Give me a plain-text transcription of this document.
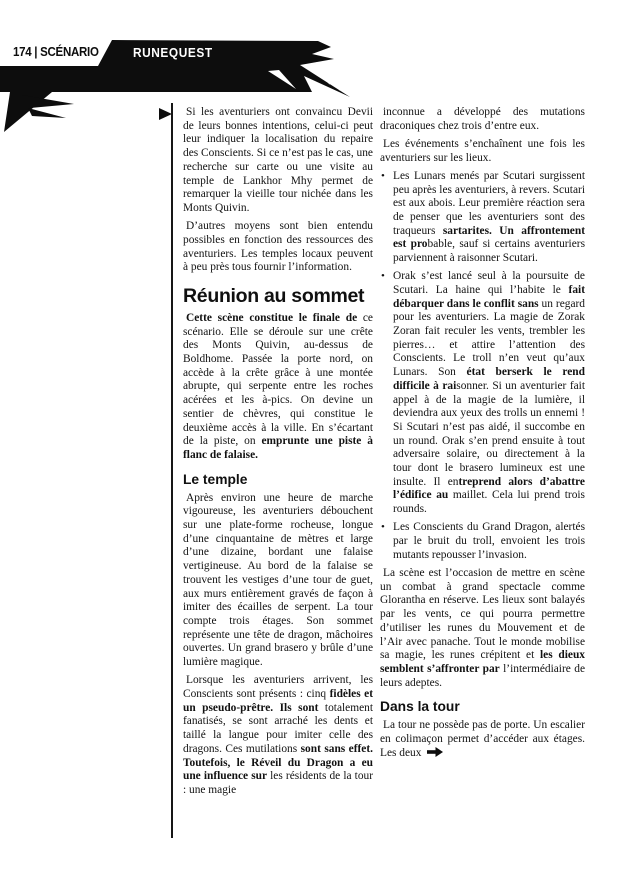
174 | SCÉNARIO	RUNEQUEST

Si les aventuriers ont convaincu Devii de leurs bonnes intentions, celui-ci peut leur indiquer la localisation du repaire des Conscients. Si ce n’est pas le cas, une recherche sur carte ou une visite au temple de Lankhor Mhy permet de remarquer la vieille tour nichée dans les Monts Quivin.

D’autres moyens sont bien entendu possibles en fonction des ressources des aventuriers. Les temples locaux peuvent à peu près tous fournir l’information.

Réunion au sommet

Cette scène constitue le finale de ce scénario. Elle se déroule sur une crête des Monts Quivin, au-dessus de Boldhome. Passée la porte nord, on accède à la crête grâce à une montée abrupte, qui serpente entre les roches acérées et les à-pics. On devine un sentier de chèvres, qui constitue le deuxième accès à la ville. En s’écartant de la piste, on emprunte une piste à flanc de falaise.

Le temple

Après environ une heure de marche vigoureuse, les aventuriers débouchent sur une plate-forme rocheuse, longue d’une cinquantaine de mètres et large d’une dizaine, bordant une falaise vertigineuse. Au bord de la falaise se trouvent les vestiges d’une tour de guet, aux murs entièrement gravés de façon à imiter des écailles de serpent. La tour compte trois étages. Son sommet représente une tête de dragon, mâchoires ouvertes. Un grand brasero y brûle d’une lumière magique.

Lorsque les aventuriers arrivent, les Conscients sont présents : cinq fidèles et un pseudo-prêtre. Ils sont totalement fanatisés, se sont arraché les dents et taillé la langue pour imiter celle des dragons. Ces mutilations sont sans effet. Toutefois, le Réveil du Dragon a eu une influence sur les résidents de la tour : une magie

inconnue a développé des mutations draconiques chez trois d’entre eux.

Les événements s’enchaînent une fois les aventuriers sur les lieux.

• Les Lunars menés par Scutari surgissent peu après les aventuriers, à revers. Scutari est aux abois. Leur première réaction sera de penser que les aventuriers sont des traqueurs sartarites. Un affrontement est probable, sauf si certains aventuriers parviennent à raisonner Scutari.
• Orak s’est lancé seul à la poursuite de Scutari. La haine qui l’habite le fait débarquer dans le conflit sans un regard pour les aventuriers. La magie de Zorak Zoran fait reculer les vents, trembler les pierres… et attire l’attention des Conscients. Le troll n’en veut qu’aux Lunars. Son état berserk le rend difficile à raisonner. Si un aventurier fait appel à de la magie de la lumière, il deviendra aux yeux des trolls un ennemi ! Si Scutari n’est pas aidé, il succombe en un round. Orak s’en prend ensuite à tout adversaire solaire, ou directement à la tour dont le brasero lumineux est une insulte. Il entreprend alors d’abattre l’édifice au maillet. Cela lui prend trois rounds.
• Les Conscients du Grand Dragon, alertés par le bruit du troll, envoient les trois mutants repousser l’invasion.

La scène est l’occasion de mettre en scène un combat à grand spectacle comme Glorantha en réserve. Les lieux sont balayés par les vents, ce qui pourra permettre d’utiliser les runes du Mouvement et de l’Air avec panache. Tout le monde mobilise sa magie, les runes crépitent et les dieux semblent s’affronter par l’intermédiaire de leurs adeptes.

Dans la tour

La tour ne possède pas de porte. Un escalier en colimaçon permet d’accéder aux étages. Les deux
